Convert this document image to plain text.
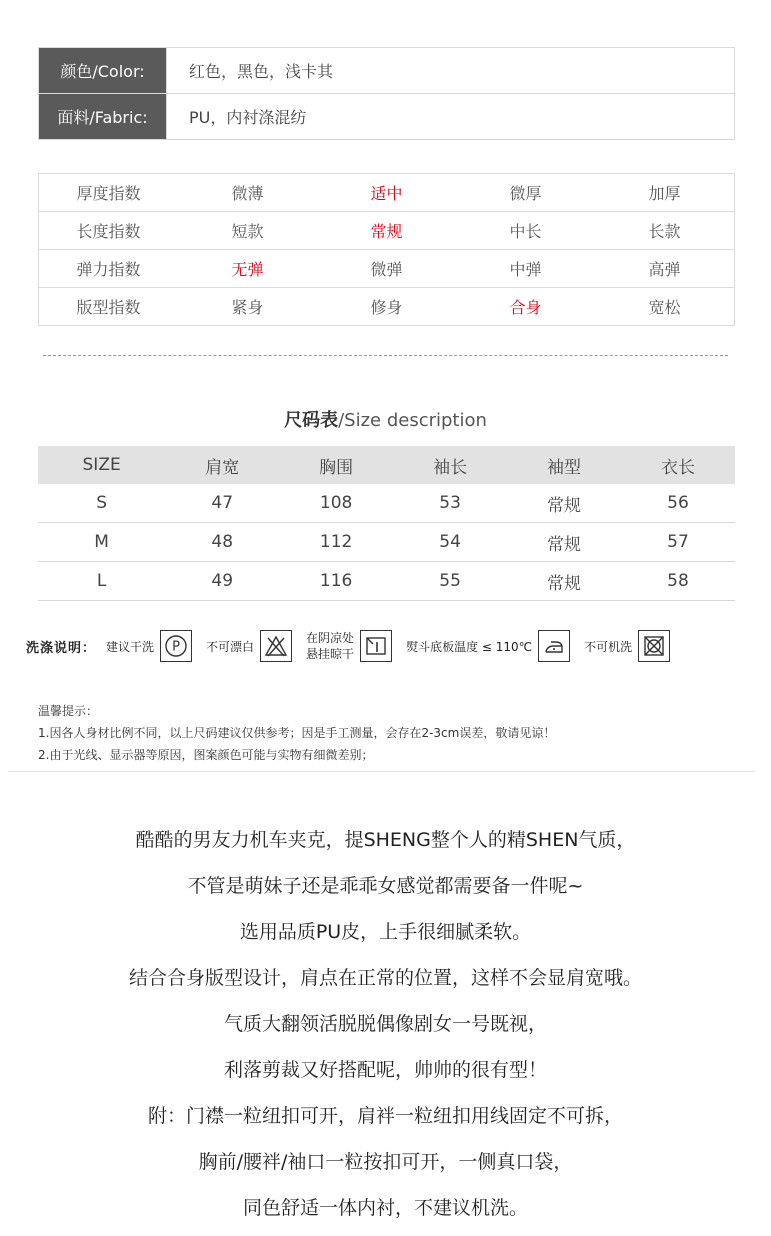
颜色/Color:	红色，黑色，浅卡其
面料/Fabric:	PU，内衬涤混纺
厚度指数	微薄	适中	微厚	加厚
长度指数	短款	常规	中长	长款
弹力指数	无弹	微弹	中弹	高弹
版型指数	紧身	修身	合身	宽松
尺码表/Size description
SIZE	肩宽	胸围	袖长	袖型	衣长
S	47	108	53	常规	56
M	48	112	54	常规	57
L	49	116	55	常规	58
洗涤说明： 建议干洗 P 不可漂白
在阴凉处
悬挂晾干
熨斗底板温度 ≤ 110℃	不可机洗
温馨提示：
1.因各人身材比例不同，以上尺码建议仅供参考；因是手工测量，会存在2-3cm误差，敬请见谅！
2.由于光线、显示器等原因，图案颜色可能与实物有细微差别；
酷酷的男友力机车夹克，提SHENG整个人的精SHEN气质，
不管是萌妹子还是乖乖女感觉都需要备一件呢~
选用品质PU皮，上手很细腻柔软。
结合合身版型设计，肩点在正常的位置，这样不会显肩宽哦。
气质大翻领活脱脱偶像剧女一号既视，
利落剪裁又好搭配呢，帅帅的很有型！
附：门襟一粒纽扣可开，肩袢一粒纽扣用线固定不可拆，
胸前/腰袢/袖口一粒按扣可开，一侧真口袋，
同色舒适一体内衬，不建议机洗。
